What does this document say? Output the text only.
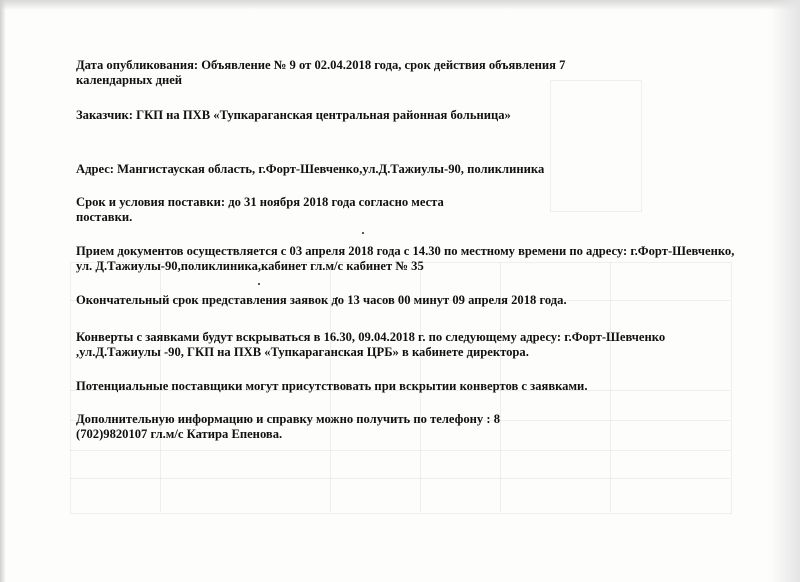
Дата опубликования: Объявление № 9 от 02.04.2018 года, срок действия объявления 7 календарных дней

Заказчик: ГКП на ПХВ «Тупкараганская центральная районная больница»

Адрес: Мангистауская область, г.Форт-Шевченко,ул.Д.Тажиулы-90, поликлиника

Срок и условия поставки: до 31 ноября 2018 года согласно места поставки.

Прием документов осуществляется с 03 апреля 2018 года с 14.30 по местному времени по адресу: г.Форт-Шевченко, ул. Д.Тажиулы-90,поликлиника,кабинет гл.м/с кабинет № 35

Окончательный срок представления заявок до 13 часов 00 минут 09 апреля 2018 года.

Конверты с заявками будут вскрываться в 16.30, 09.04.2018 г. по следующему адресу: г.Форт-Шевченко ,ул.Д.Тажиулы -90, ГКП на ПХВ «Тупкараганская ЦРБ» в кабинете директора.

Потенциальные поставщики могут присутствовать при вскрытии конвертов с заявками.

Дополнительную информацию и справку можно получить по телефону : 8 (702)9820107 гл.м/с Катира Епенова.
